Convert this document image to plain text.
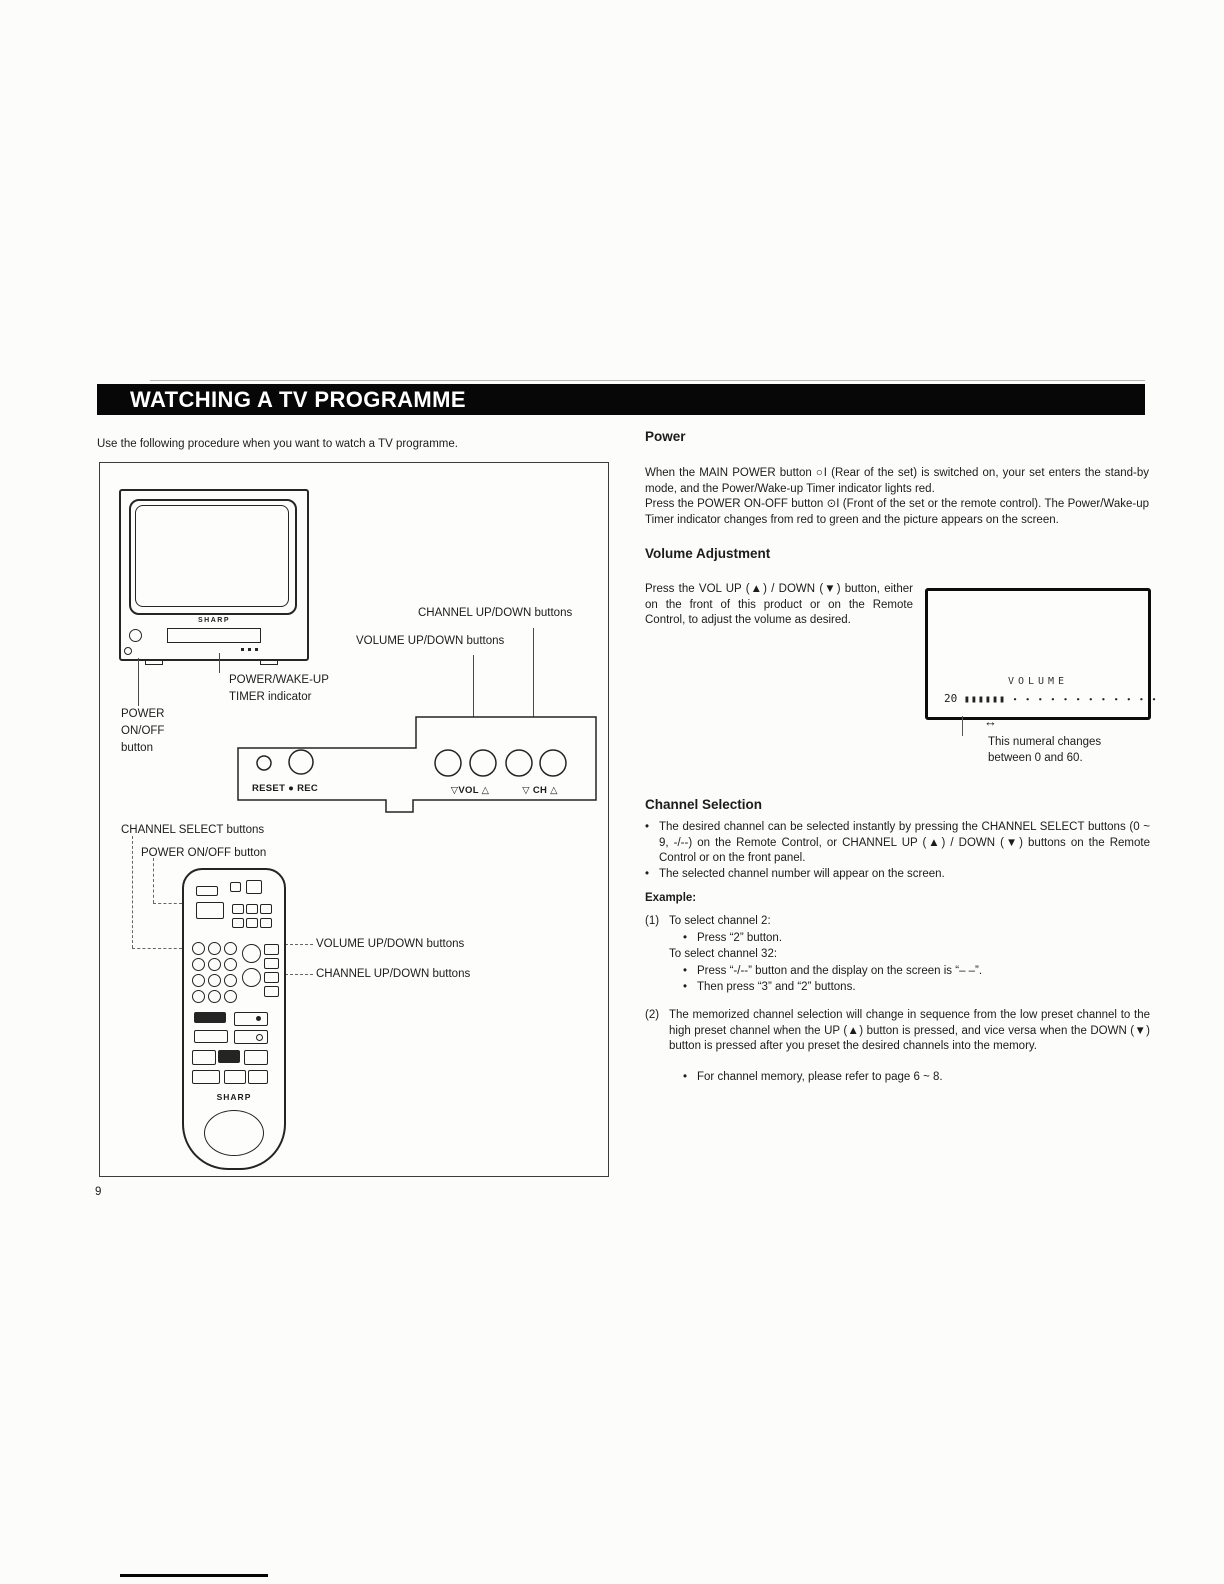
WATCHING A TV PROGRAMME
Use the following procedure when you want to watch a TV programme.
SHARP
CHANNEL UP/DOWN buttons
VOLUME UP/DOWN buttons
POWER/WAKE-UP
TIMER indicator
POWER
ON/OFF
button
RESET ● REC	▽VOL △	▽ CH △
CHANNEL SELECT buttons
POWER ON/OFF button
SHARP
VOLUME UP/DOWN buttons
CHANNEL UP/DOWN buttons
Power

When the MAIN POWER button ○I (Rear of the set) is switched on, your set enters the stand-by mode, and the Power/Wake-up Timer indicator lights red.

Press the POWER ON-OFF button ⊙I (Front of the set or the remote control). The Power/Wake-up Timer indicator changes from red to green and the picture appears on the screen.

Volume Adjustment
Press the VOL UP (▲) / DOWN (▼) button, either on the front of this product or on the Remote Control, to adjust the volume as desired.
VOLUME
20 ▮▮▮▮▮▮ ∙ ∙ ∙ ∙ ∙ ∙ ∙ ∙ ∙ ∙ ∙ ∙
↔
This numeral changes
between 0 and 60.
Channel Selection
• The desired channel can be selected instantly by pressing the CHANNEL SELECT buttons (0 ~ 9, -/--) on the Remote Control, or CHANNEL UP (▲) / DOWN (▼) buttons on the Remote Control or on the front panel.
• The selected channel number will appear on the screen.
Example:
(1) To select channel 2:
• Press “2” button.
To select channel 32:
• Press “-/--” button and the display on the screen is “– –”.
• Then press “3” and “2” buttons.
(2) The memorized channel selection will change in sequence from the low preset channel to the high preset channel when the UP (▲) button is pressed, and vice versa when the DOWN (▼) button is pressed after you preset the desired channels into the memory.
• For channel memory, please refer to page 6 ~ 8.
9
